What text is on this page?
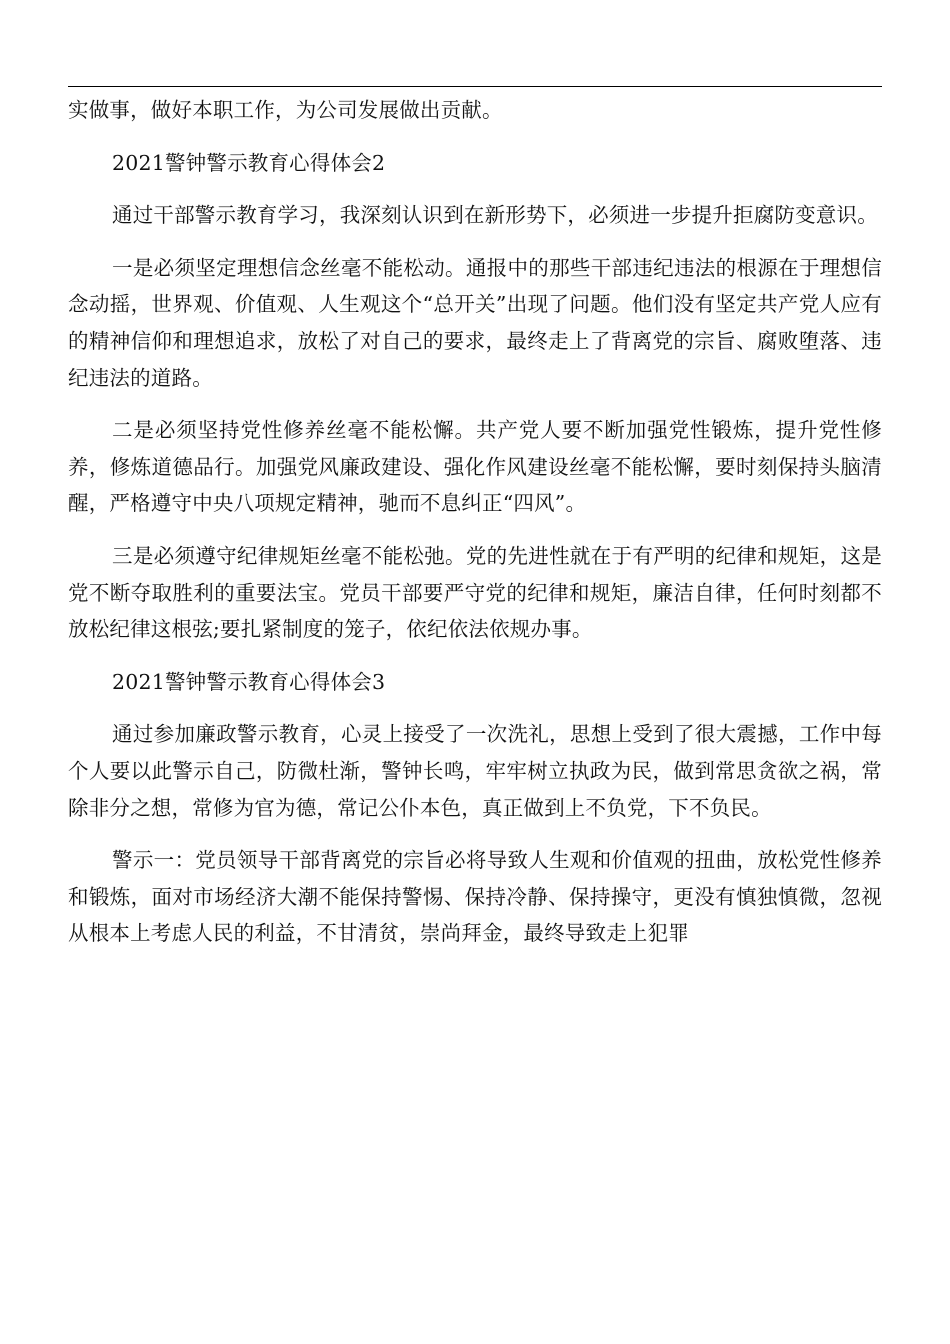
实做事，做好本职工作，为公司发展做出贡献。

2021警钟警示教育心得体会2

通过干部警示教育学习，我深刻认识到在新形势下，必须进一步提升拒腐防变意识。

一是必须坚定理想信念丝毫不能松动。通报中的那些干部违纪违法的根源在于理想信念动摇，世界观、价值观、人生观这个“总开关”出现了问题。他们没有坚定共产党人应有的精神信仰和理想追求，放松了对自己的要求，最终走上了背离党的宗旨、腐败堕落、违纪违法的道路。

二是必须坚持党性修养丝毫不能松懈。共产党人要不断加强党性锻炼，提升党性修养，修炼道德品行。加强党风廉政建设、强化作风建设丝毫不能松懈，要时刻保持头脑清醒，严格遵守中央八项规定精神，驰而不息纠正“四风”。

三是必须遵守纪律规矩丝毫不能松弛。党的先进性就在于有严明的纪律和规矩，这是党不断夺取胜利的重要法宝。党员干部要严守党的纪律和规矩，廉洁自律，任何时刻都不放松纪律这根弦;要扎紧制度的笼子，依纪依法依规办事。

2021警钟警示教育心得体会3

通过参加廉政警示教育，心灵上接受了一次洗礼，思想上受到了很大震撼，工作中每个人要以此警示自己，防微杜渐，警钟长鸣，牢牢树立执政为民，做到常思贪欲之祸，常除非分之想，常修为官为德，常记公仆本色，真正做到上不负党，下不负民。

警示一：党员领导干部背离党的宗旨必将导致人生观和价值观的扭曲，放松党性修养和锻炼，面对市场经济大潮不能保持警惕、保持冷静、保持操守，更没有慎独慎微，忽视从根本上考虑人民的利益，不甘清贫，崇尚拜金，最终导致走上犯罪
